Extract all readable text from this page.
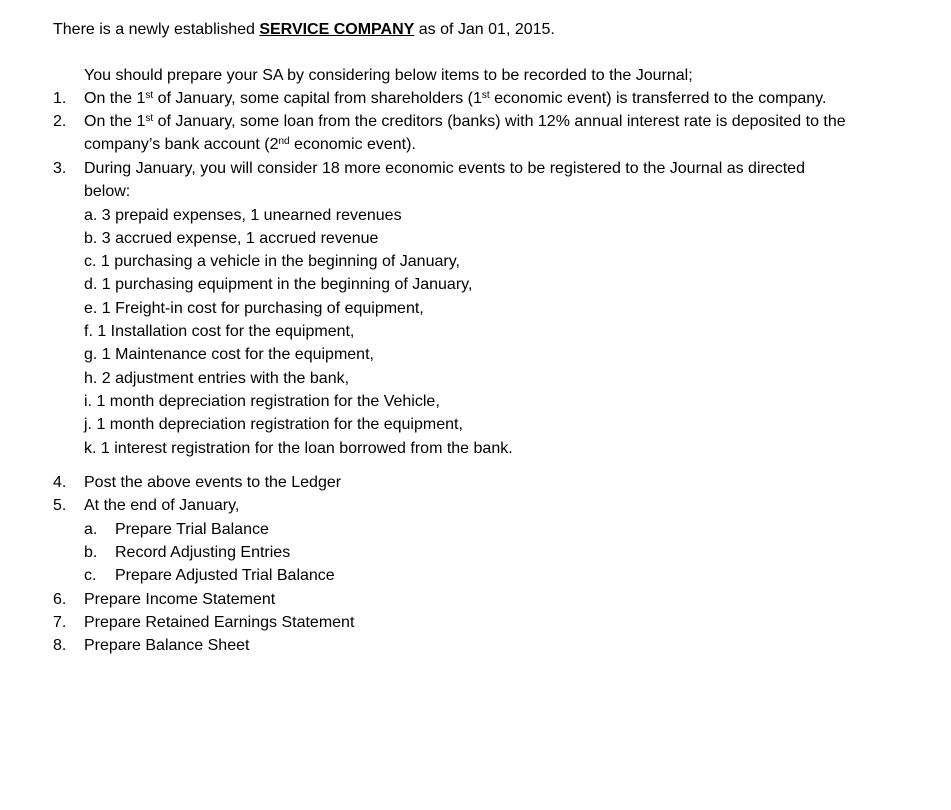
There is a newly established SERVICE COMPANY as of Jan 01, 2015.
You should prepare your SA by considering below items to be recorded to the Journal;
1. On the 1st of January, some capital from shareholders (1st economic event) is transferred to the company.
2. On the 1st of January, some loan from the creditors (banks) with 12% annual interest rate is deposited to the
company’s bank account (2nd economic event).
3. During January, you will consider 18 more economic events to be registered to the Journal as directed
below:
a. 3 prepaid expenses, 1 unearned revenues
b. 3 accrued expense, 1 accrued revenue
c. 1 purchasing a vehicle in the beginning of January,
d. 1 purchasing equipment in the beginning of January,
e. 1 Freight-in cost for purchasing of equipment,
f. 1 Installation cost for the equipment,
g. 1 Maintenance cost for the equipment,
h. 2 adjustment entries with the bank,
i. 1 month depreciation registration for the Vehicle,
j. 1 month depreciation registration for the equipment,
k. 1 interest registration for the loan borrowed from the bank.
4. Post the above events to the Ledger
5. At the end of January,
a. Prepare Trial Balance
b. Record Adjusting Entries
c. Prepare Adjusted Trial Balance
6. Prepare Income Statement
7. Prepare Retained Earnings Statement
8. Prepare Balance Sheet
